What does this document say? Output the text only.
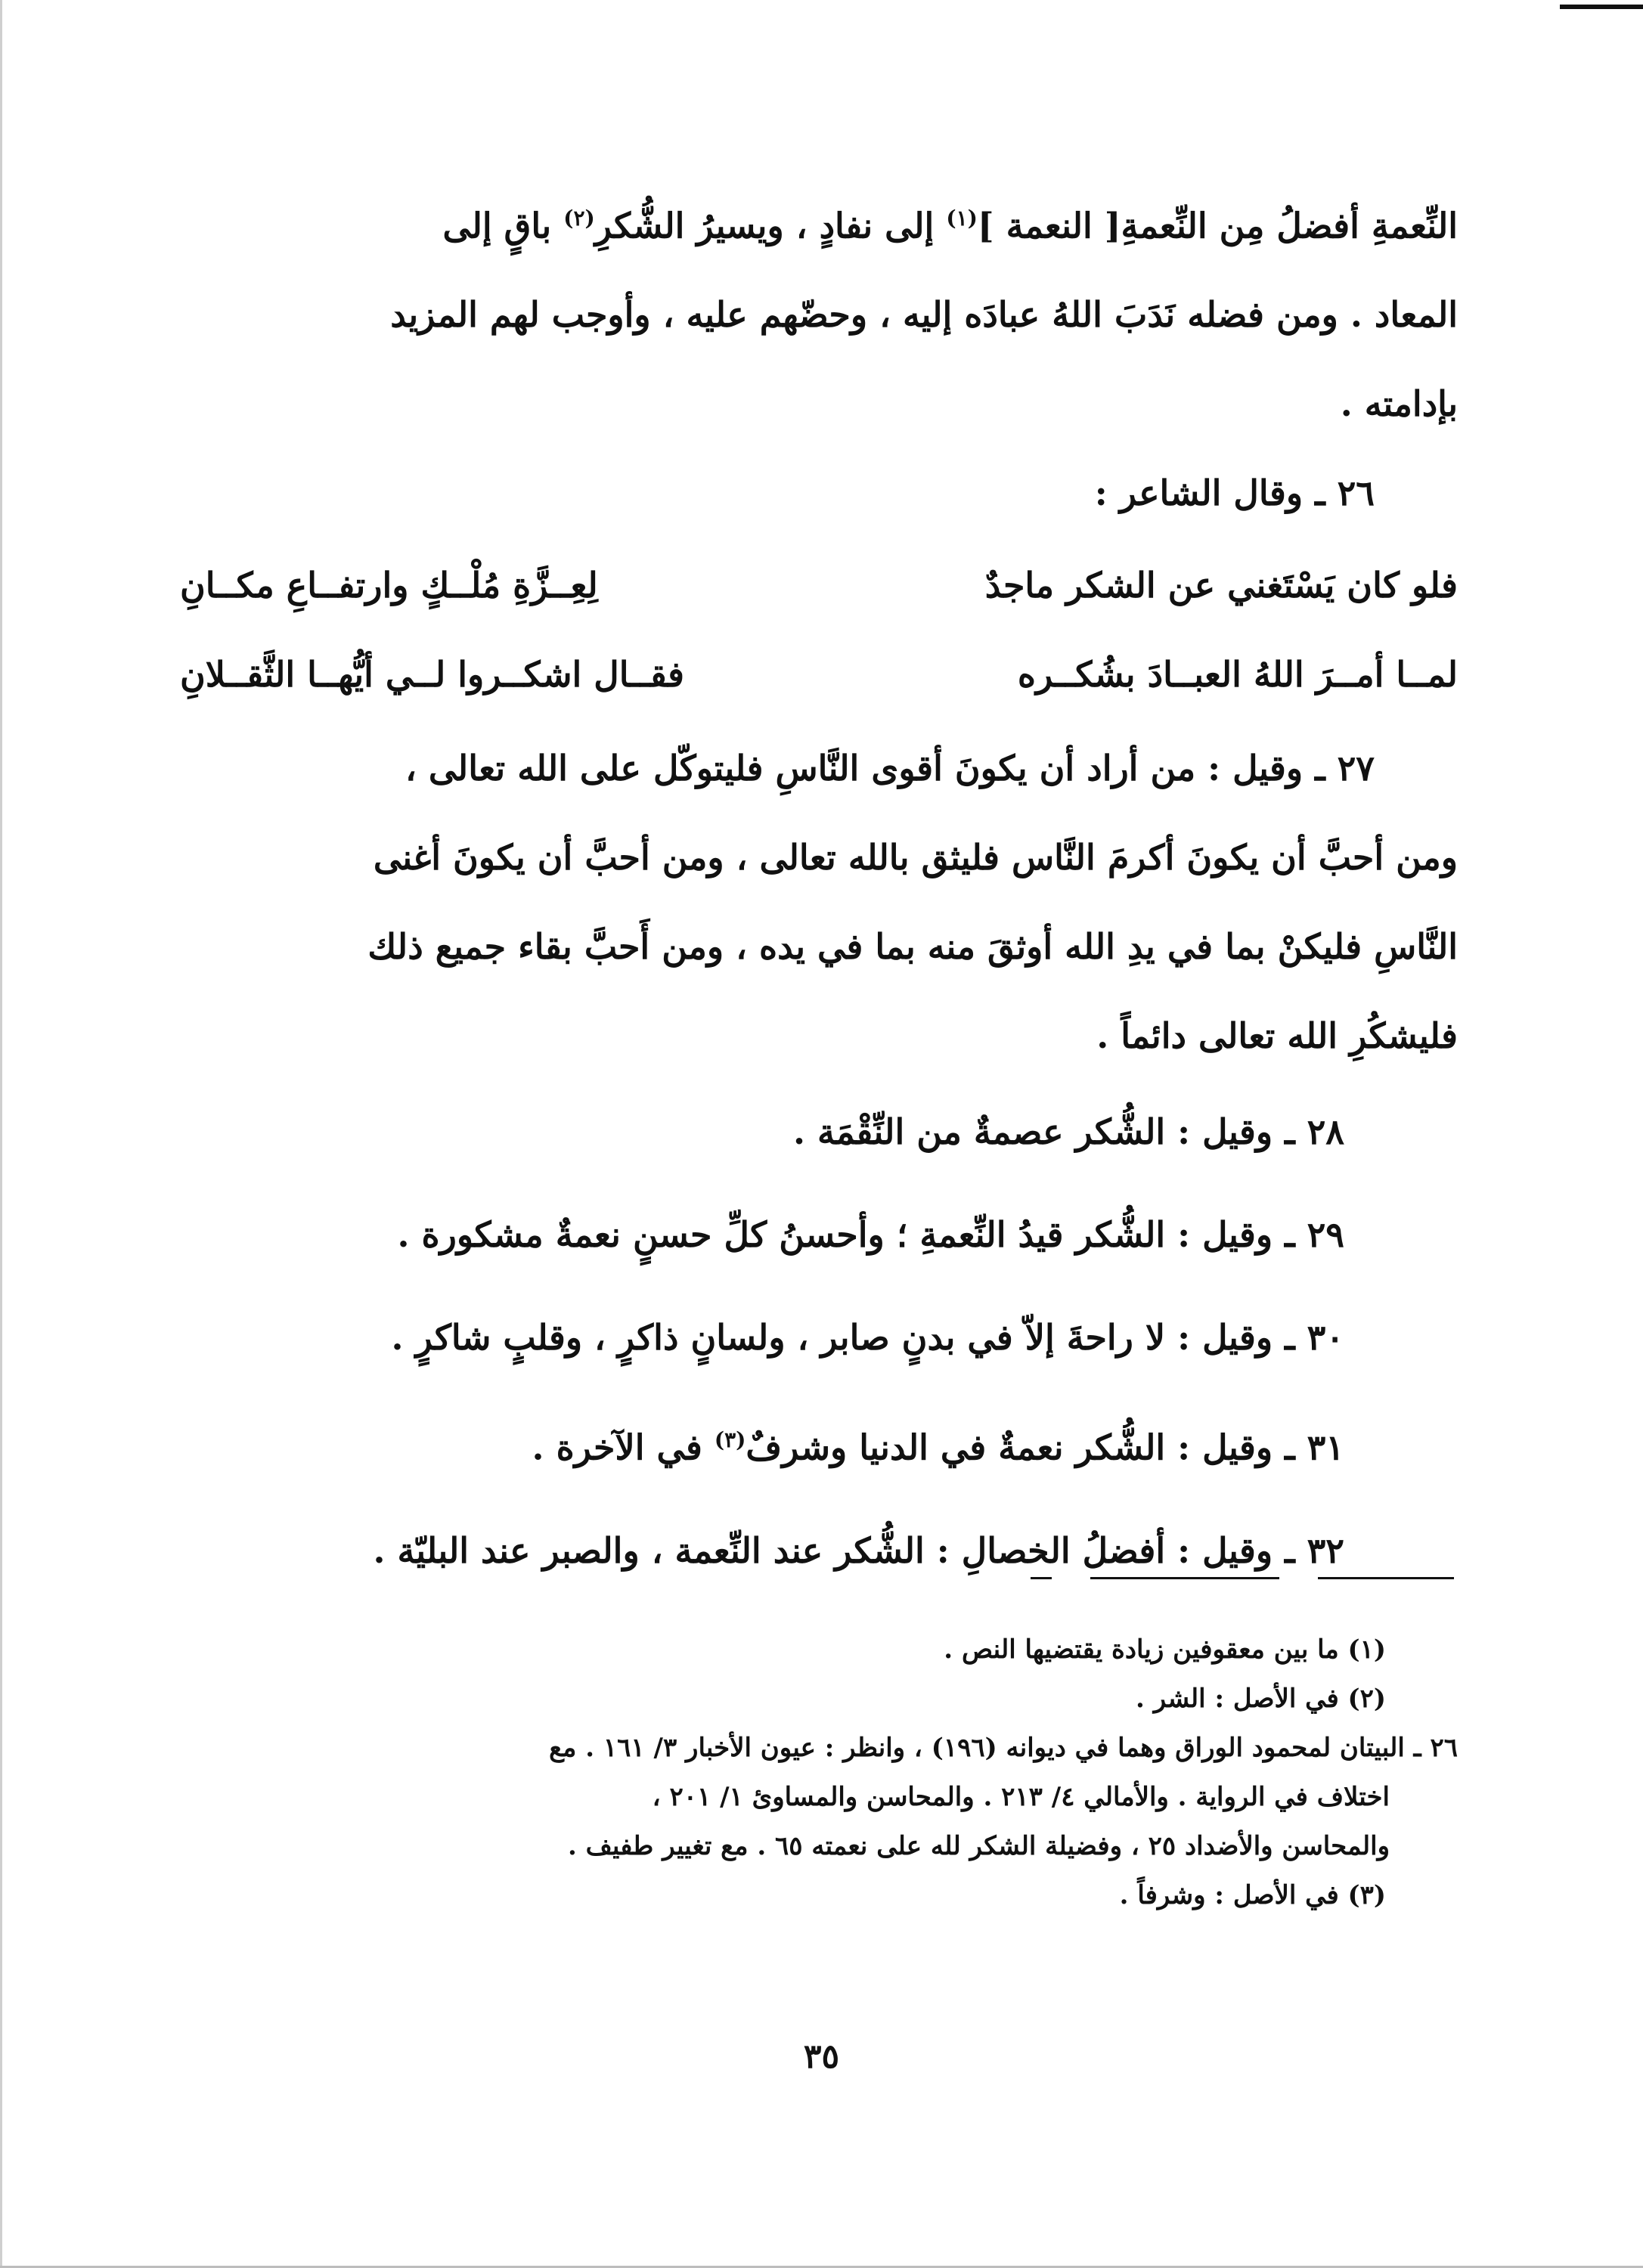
النِّعمةِ أفضلُ مِن النِّعمةِ[ النعمة ]$^{(١)}$ إلى نفادٍ ، ويسيرُ الشُّكرِ$^{(٢)}$ باقٍ إلى

المعاد . ومن فضله نَدَبَ اللهُ عبادَه إليه ، وحضّهم عليه ، وأوجب لهم المزيد

بإدامته .

٢٦ ـ وقال الشاعر :

فلو كان يَسْتَغني عن الشكر ماجدٌ
لِعِــزَّةِ مُلْــكٍ وارتفــاعِ مكــانِ
لمــا أمــرَ اللهُ العبــادَ بشُكــره
فقــال اشكــروا لــي أيُّهــا الثَّقــلانِ

٢٧ ـ وقيل : من أراد أن يكونَ أقوى النَّاسِ فليتوكّل على الله تعالى ،

ومن أحبَّ أن يكونَ أكرمَ النَّاس فليثق بالله تعالى ، ومن أحبَّ أن يكونَ أغنى

النَّاسِ فليكنْ بما في يدِ الله أوثقَ منه بما في يده ، ومن أَحبَّ بقاء جميع ذلك

فليشكُرِ الله تعالى دائماً .

٢٨ ـ وقيل : الشُّكر عصمةٌ من النِّقْمَة .

٢٩ ـ وقيل : الشُّكر قيدُ النِّعمةِ ؛ وأحسنُ كلِّ حسنٍ نعمةٌ مشكورة .

٣٠ ـ وقيل : لا راحةَ إلاّ في بدنٍ صابر ، ولسانٍ ذاكرٍ ، وقلبٍ شاكرٍ .

٣١ ـ وقيل : الشُّكر نعمةٌ في الدنيا وشرفٌ$^{(٣)}$ في الآخرة .

٣٢ ـ وقيل : أفضلُ الخصالِ : الشُّكر عند النِّعمة ، والصبر عند البليّة .

(١) ما بين معقوفين زيادة يقتضيها النص .

(٢) في الأصل : الشر .

٢٦ ـ البيتان لمحمود الوراق وهما في ديوانه (١٩٦) ، وانظر : عيون الأخبار ٣/ ١٦١ . مع

اختلاف في الرواية . والأمالي ٤/ ٢١٣ . والمحاسن والمساوئ ١/ ٢٠١ ،

والمحاسن والأضداد ٢٥ ، وفضيلة الشكر لله على نعمته ٦٥ . مع تغيير طفيف .

(٣) في الأصل : وشرفاً .

٣٥
